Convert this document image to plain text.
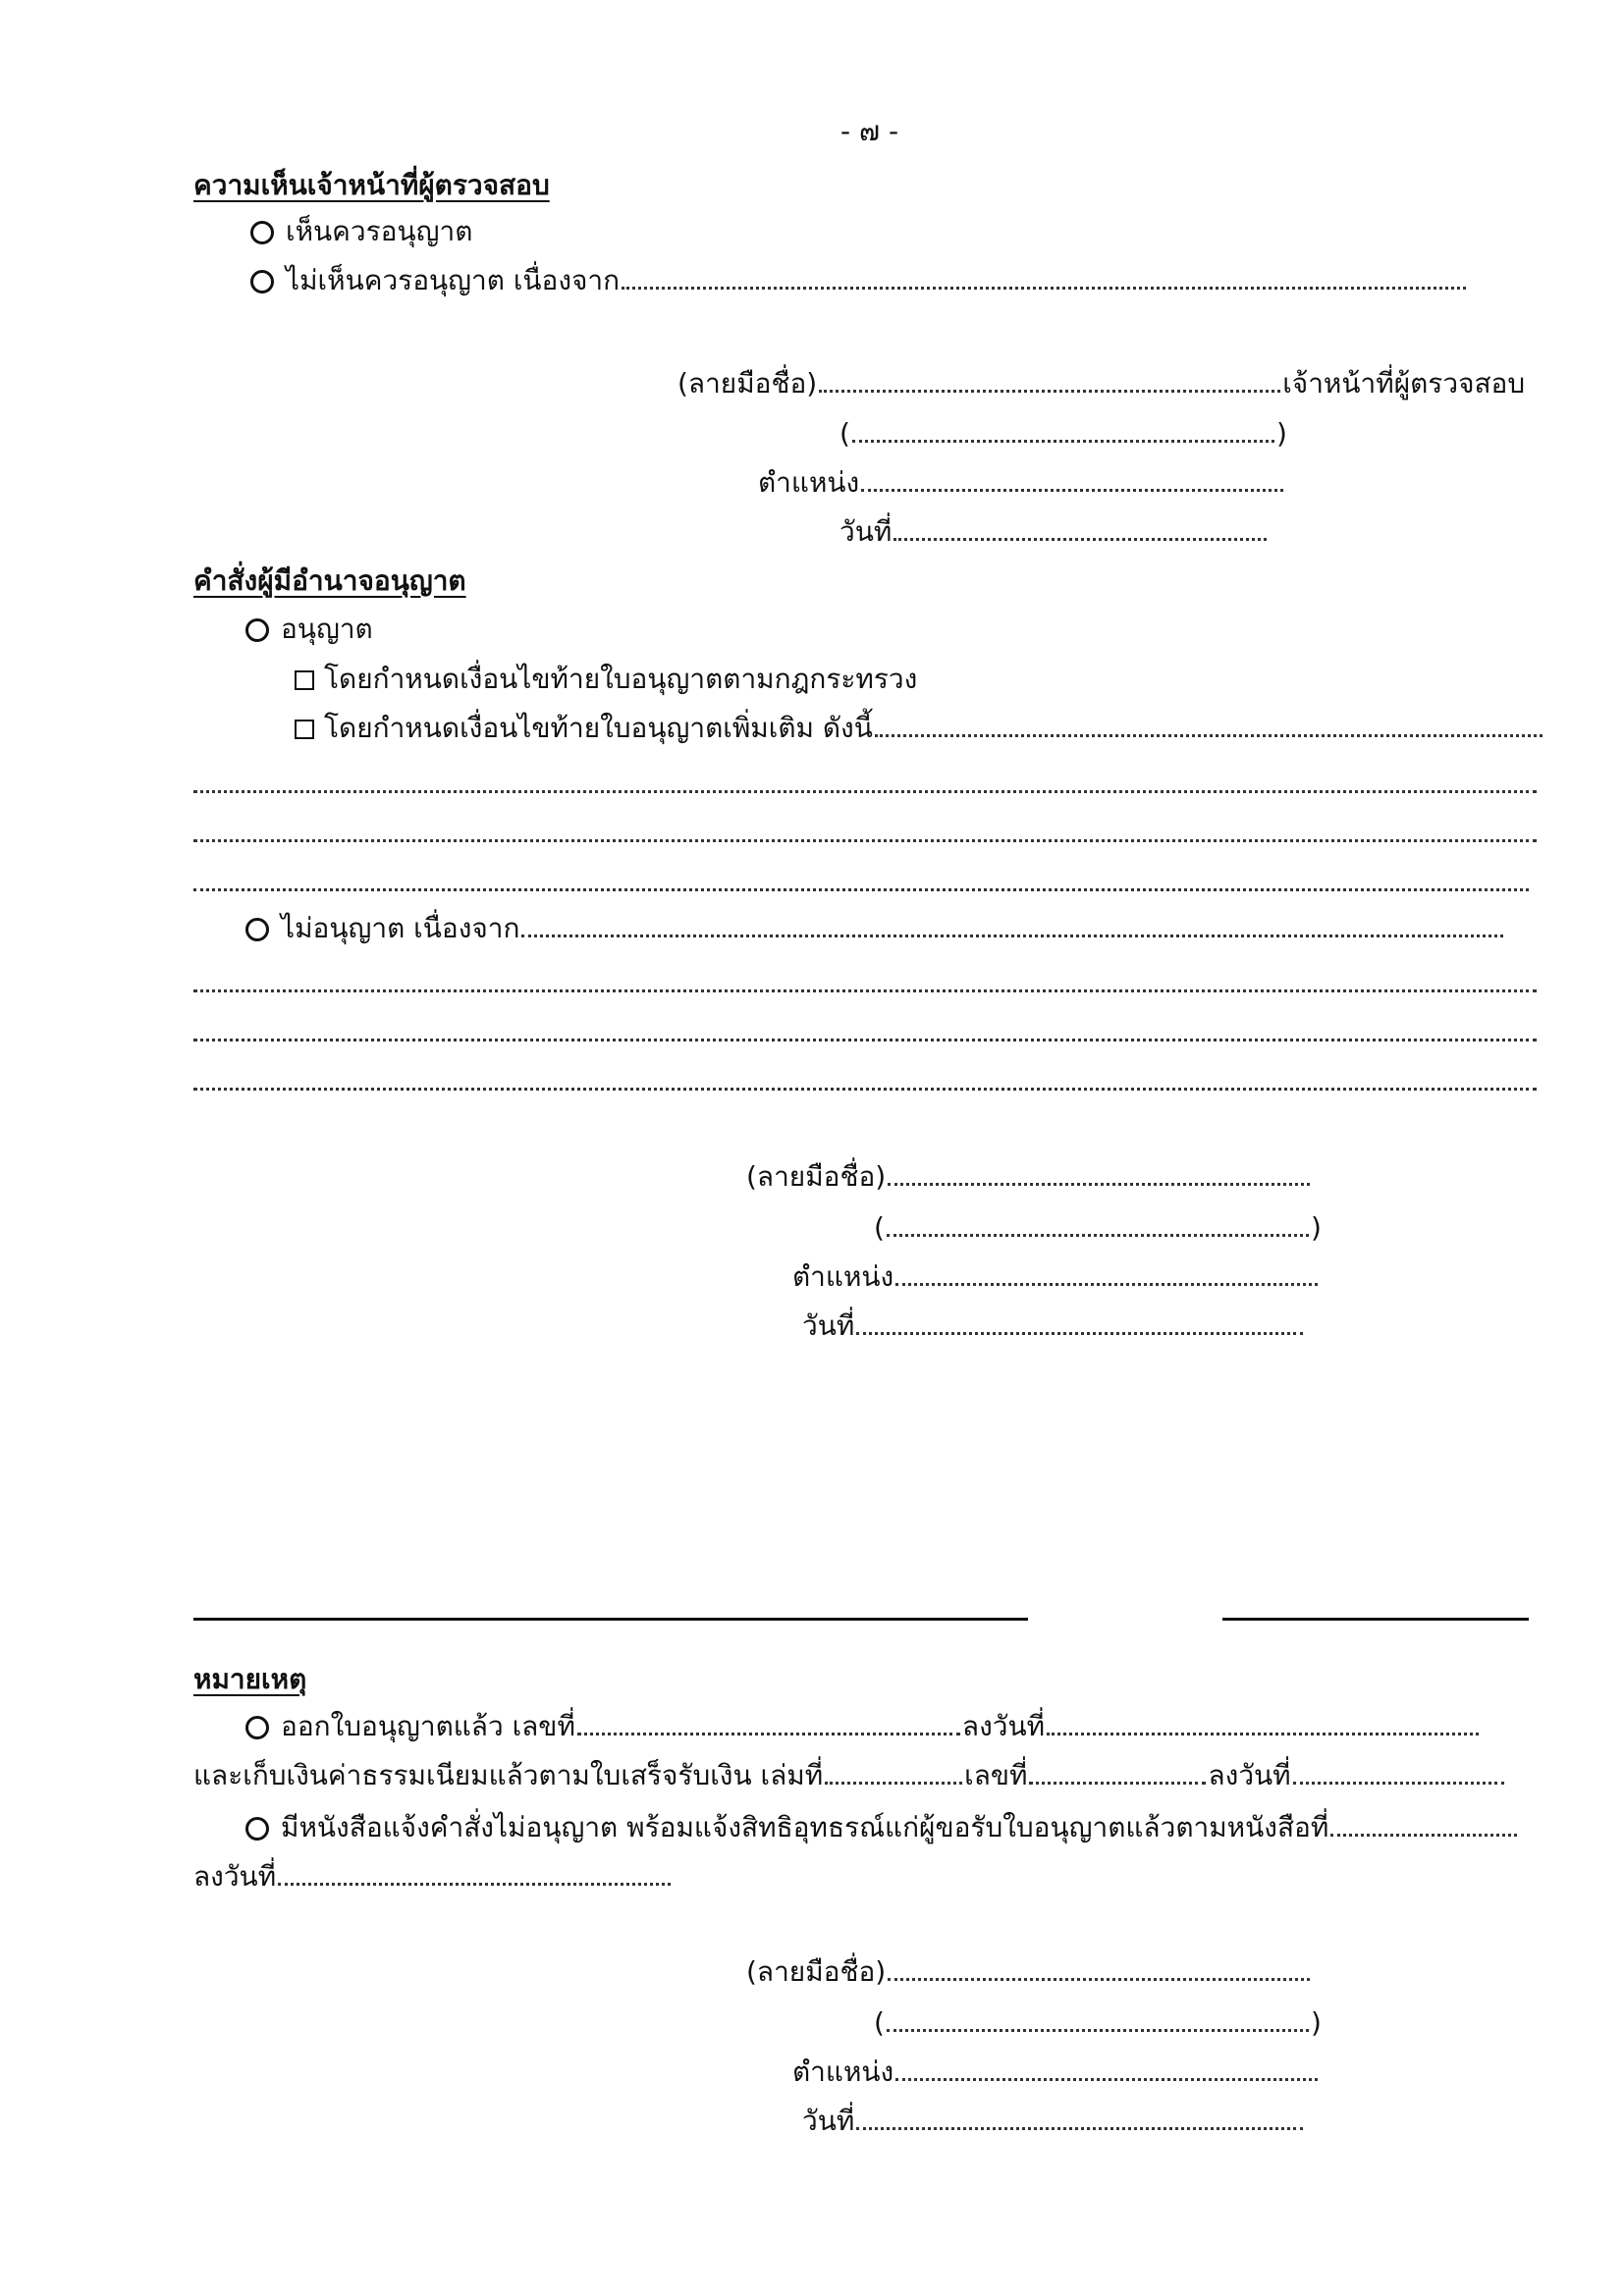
- ๗ -
ความเห็นเจ้าหน้าที่ผู้ตรวจสอบ
เห็นควรอนุญาต
ไม่เห็นควรอนุญาต เนื่องจาก
(ลายมือชื่อ)	เจ้าหน้าที่ผู้ตรวจสอบ
(	)
ตำแหน่ง
วันที่
คำสั่งผู้มีอำนาจอนุญาต
อนุญาต
โดยกำหนดเงื่อนไขท้ายใบอนุญาตตามกฎกระทรวง
โดยกำหนดเงื่อนไขท้ายใบอนุญาตเพิ่มเติม ดังนี้
ไม่อนุญาต เนื่องจาก
(ลายมือชื่อ)
(	)
ตำแหน่ง
วันที่
หมายเหตุ
ออกใบอนุญาตแล้ว เลขที่	ลงวันที่
และเก็บเงินค่าธรรมเนียมแล้วตามใบเสร็จรับเงิน เล่มที่	เลขที่	ลงวันที่
มีหนังสือแจ้งคำสั่งไม่อนุญาต พร้อมแจ้งสิทธิอุทธรณ์แก่ผู้ขอรับใบอนุญาตแล้วตามหนังสือที่
ลงวันที่
(ลายมือชื่อ)
(	)
ตำแหน่ง
วันที่
